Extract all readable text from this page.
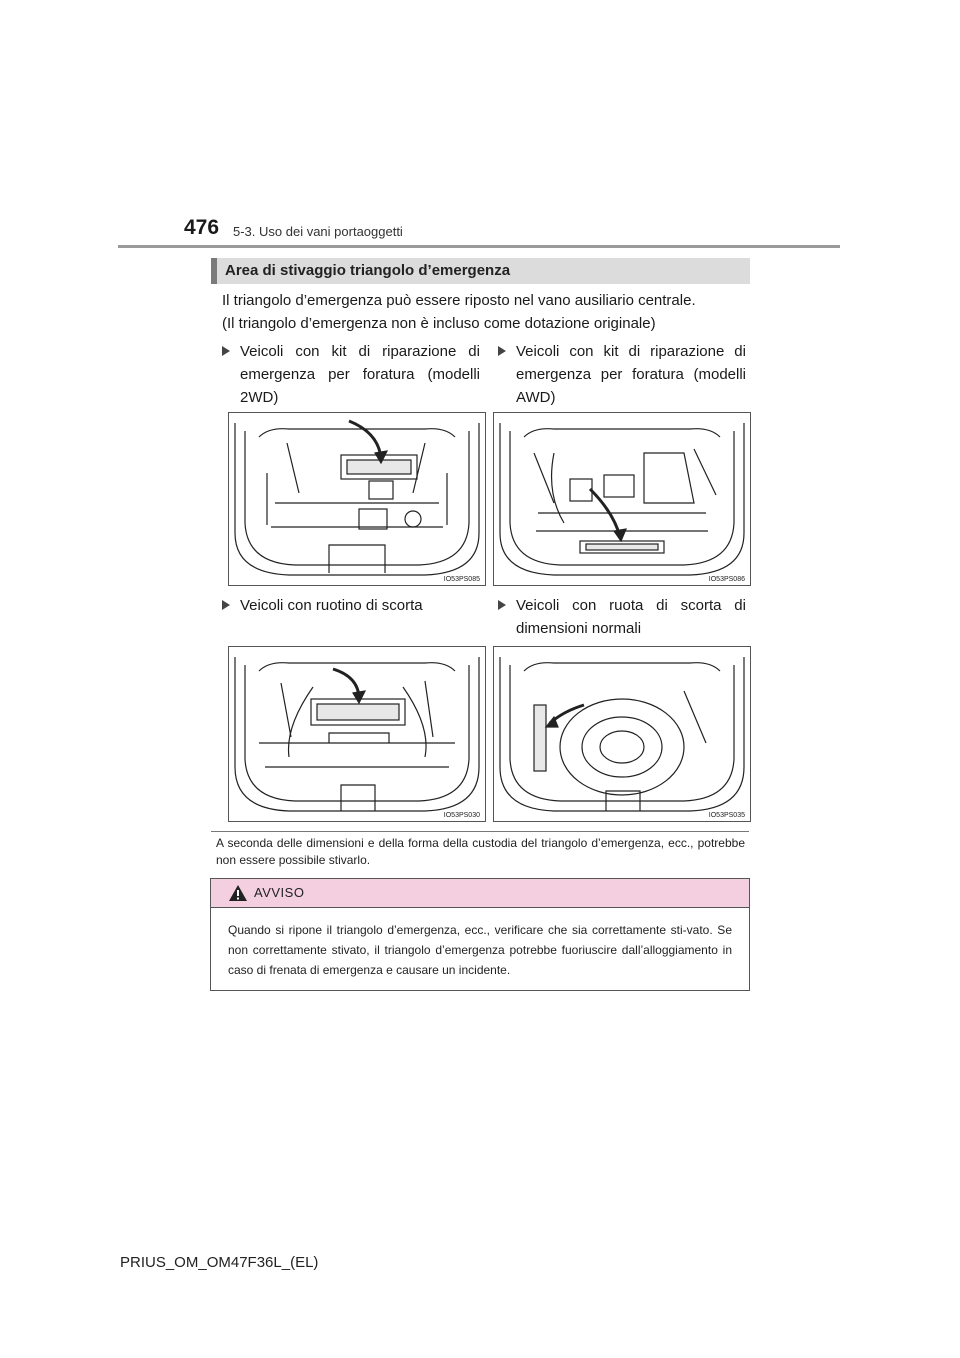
476 5-3. Uso dei vani portaoggetti
Area di stivaggio triangolo d’emergenza
Il triangolo d’emergenza può essere riposto nel vano ausiliario centrale.
(Il triangolo d’emergenza non è incluso come dotazione originale)
Veicoli con kit di riparazione di emergenza per foratura (modelli 2WD)
Veicoli con kit di riparazione di emergenza per foratura (modelli AWD)
IO53PS085	IO53PS086
Veicoli con ruotino di scorta	Veicoli con ruota di scorta di dimensioni normali
IO53PS030	IO53PS035
A seconda delle dimensioni e della forma della custodia del triangolo d’emergenza, ecc., potrebbe non essere possibile stivarlo.
AVVISO
Quando si ripone il triangolo d’emergenza, ecc., verificare che sia correttamente sti-vato. Se non correttamente stivato, il triangolo d’emergenza potrebbe fuoriuscire dall’alloggiamento in caso di frenata di emergenza e causare un incidente.
PRIUS_OM_OM47F36L_(EL)
